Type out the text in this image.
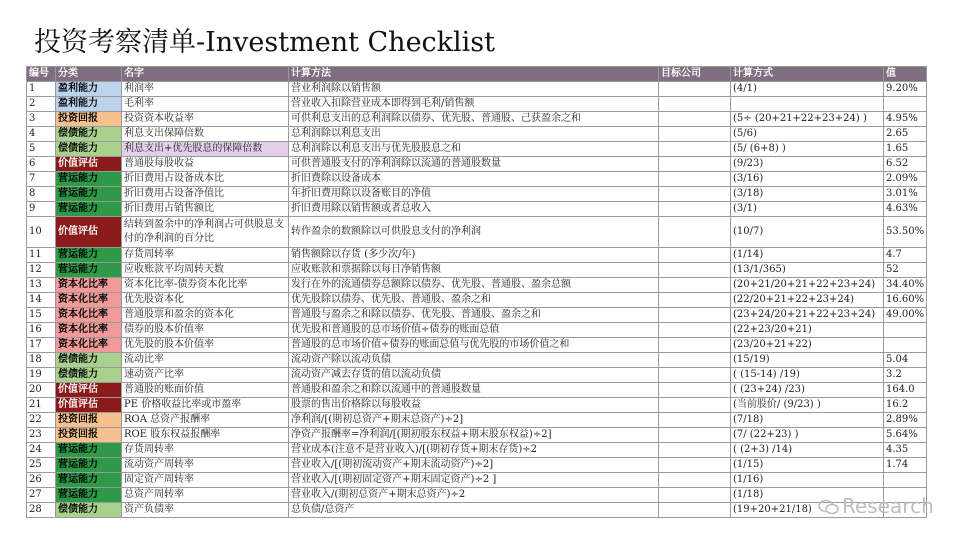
投资考察清单-Investment Checklist
编号	分类	名字	计算方法	目标公司	计算方式	值
1	盈利能力	利润率	营业利润除以销售额		(4/1)	9.20%
2	盈利能力	毛利率	营业收入扣除营业成本即得到毛利/销售额			
3	投资回报	投资资本收益率	可供利息支出的总利润除以债券、优先股、普通股、己获盈余之和		(5÷ (20+21+22+23+24) )	4.95%
4	偿债能力	利息支出保障倍数	总利润除以利息支出		(5/6)	2.65
5	偿债能力	利息支出+优先股息的保障倍数	总利润除以利息支出与优先股股息之和		(5/ (6+8) )	1.65
6	价值评估	普通股每股收益	可供普通股支付的净利润除以流通的普通股数量		(9/23)	6.52
7	营运能力	折旧费用占设备成本比	折旧费除以设备成本		(3/16)	2.09%
8	营运能力	折旧费用占设备净值比	年折旧费用除以设备账目的净值		(3/18)	3.01%
9	营运能力	折旧费用占销售额比	折旧费用除以销售额或者总收入		(3/1)	4.63%
10	价值评估	结转到盈余中的净利润占可供股息支付的净利润的百分比	转作盈余的数额除以可供股息支付的净利润		(10/7)	53.50%
11	营运能力	存货周转率	销售额除以存货 (多少次/年)		(1/14)	4.7
12	营运能力	应收账款平均周转天数	应收账款和票据除以每日净销售额		(13/1/365)	52
13	资本化比率	资本化比率-债券资本化比率	发行在外的流通债券总额除以债券、优先股、普通股、盈余总额		(20+21/20+21+22+23+24)	34.40%
14	资本化比率	优先股资本化	优先股除以债券、优先股、普通股、盈余之和		(22/20+21+22+23+24)	16.60%
15	资本化比率	普通股票和盈余的资本化	普通股与盈余之和除以债券、优先股、普通股、盈余之和		(23+24/20+21+22+23+24)	49.00%
16	资本化比率	债券的股本价值率	优先股和普通股的总市场价值÷债券的账面总值		(22+23/20+21)	
17	资本化比率	优先股的股本价值率	普通股的总市场价值÷债券的账面总值与优先股的市场价值之和		(23/20+21+22)	
18	偿债能力	流动比率	流动资产除以流动负债		(15/19)	5.04
19	偿债能力	速动资产比率	流动资产减去存货的值以流动负债		( (15-14) /19)	3.2
20	价值评估	普通股的账面价值	普通股和盈余之和除以流通中的普通股数量		( (23+24) /23)	164.0
21	价值评估	PE 价格收益比率或市盈率	股票的售出价格除以每股收益		(当前股价/ (9/23) )	16.2
22	投资回报	ROA 总资产报酬率	净利润/[(期初总资产+期末总资产)÷2]		(7/18)	2.89%
23	投资回报	ROE 股东权益报酬率	净资产报酬率=净利润/[(期初股东权益+期末股东权益)÷2]		(7/ (22+23) )	5.64%
24	营运能力	存货周转率	营业成本(注意不是营业收入)/[(期初存货+期末存货)÷2		( (2+3) /14)	4.35
25	营运能力	流动资产周转率	营业收入/[(期初流动资产+期末流动资产)÷2]		(1/15)	1.74
26	营运能力	固定资产周转率	营业收入/[(期初固定资产+期末固定资产)÷2 ]		(1/16)	
27	营运能力	总资产周转率	营业收入/(期初总资产+期末总资产)÷2		(1/18)	
28	偿债能力	资产负债率	总负债/总资产		(19+20+21/18)		Research
